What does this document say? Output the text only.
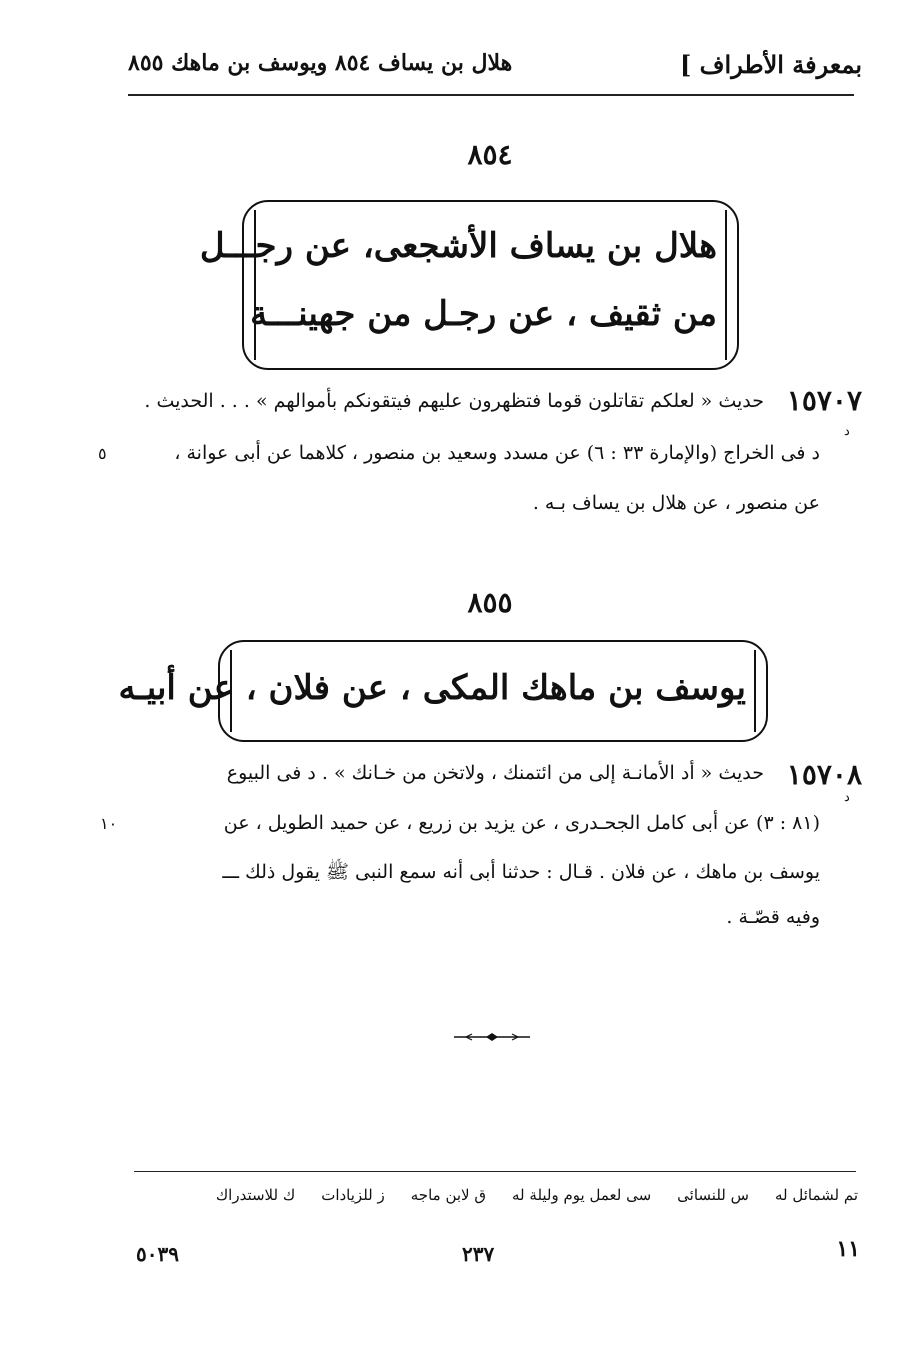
بمعرفة الأطراف ]
هلال بن يساف ٨٥٤ ويوسف بن ماهك ٨٥٥
٨٥٤
هلال بن يساف الأشجعى، عن رجـــل
من ثقيف ، عن رجـل من جهينـــة
١٥٧٠٧
حديث « لعلكم تقاتلون قوما فتظهرون عليهم فيتقونكم بأموالهم » . . . الحديث .
د
د فى الخراج (والإمارة ٣٣ : ٦) عن مسدد وسعيد بن منصور ، كلاهما عن أبى عوانة ،
٥
عن منصور ، عن هلال بن يساف بـه .
٨٥٥
يوسف بن ماهك المكى ، عن فلان ، عن أبيـه
١٥٧٠٨
حديث « أد الأمانـة إلى من ائتمنك ، ولاتخن من خـانك » . د فى البيوع
د
(٨١ : ٣) عن أبى كامل الجحـدرى ، عن يزيد بن زريع ، عن حميد الطويل ، عن
١٠
يوسف بن ماهك ، عن فلان . قـال : حدثنا أبى أنه سمع النبى ﷺ يقول ذلك ـــ
وفيه قصّـة .
تم لشمائل له
س للنسائى
سى لعمل يوم وليلة له
ق لابن ماجه
ز للزيادات
ك للاستدراك
١١
٢٣٧
٥٠٣٩
